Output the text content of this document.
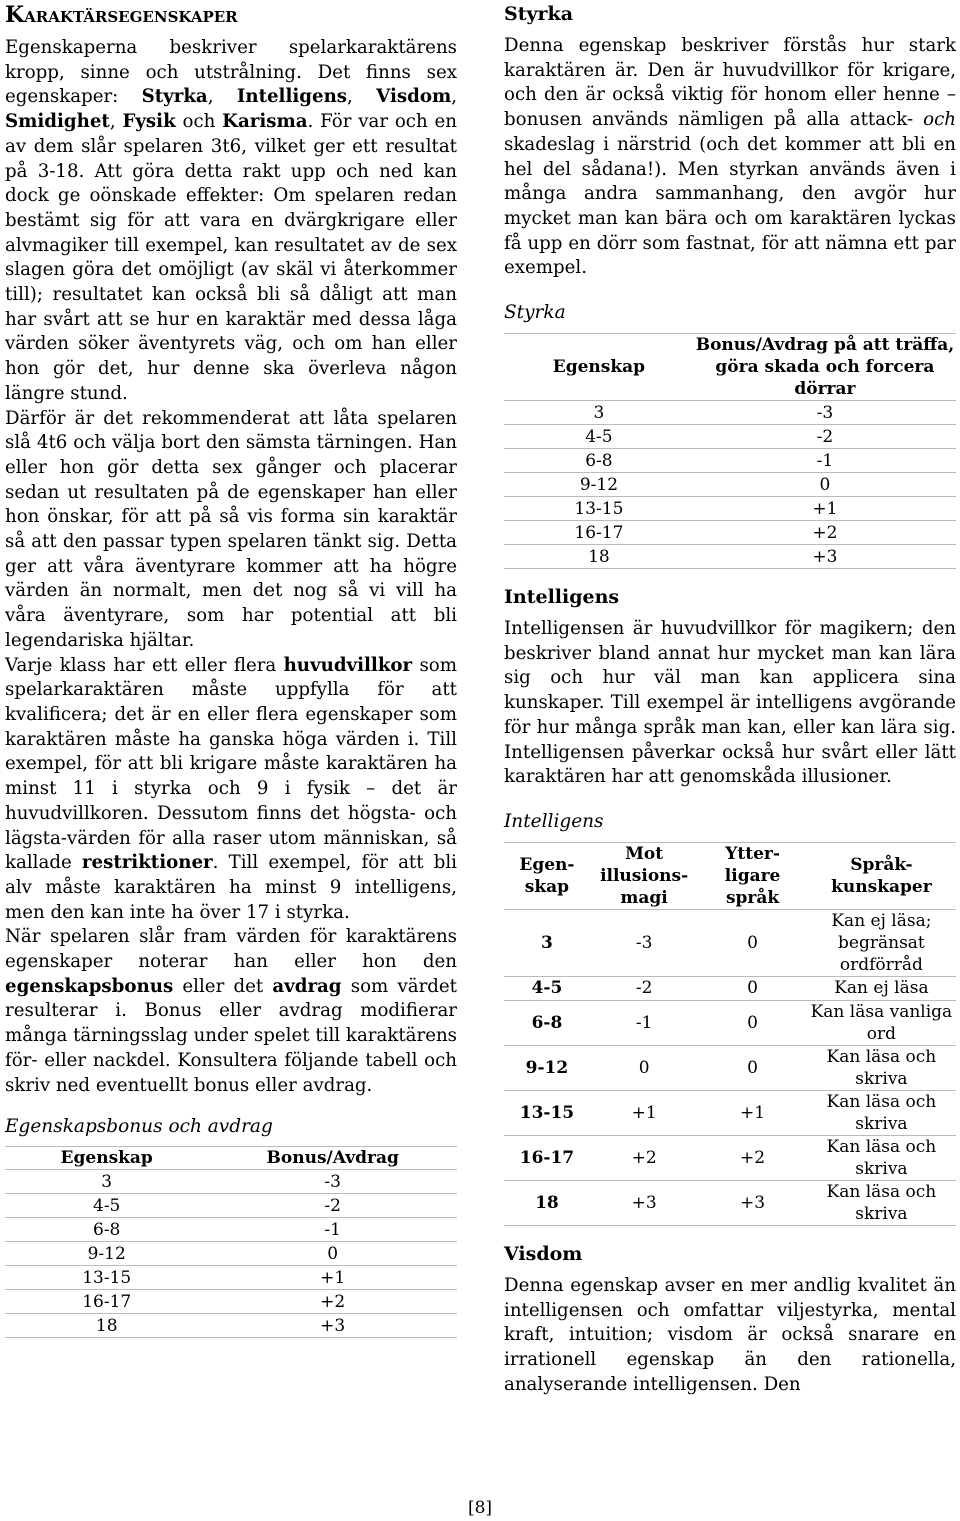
Karaktärsegenskaper

Egenskaperna beskriver spelarkaraktärens kropp, sinne och utstrålning. Det finns sex egenskaper: Styrka, Intelligens, Visdom, Smidighet, Fysik och Karisma. För var och en av dem slår spelaren 3t6, vilket ger ett resultat på 3-18. Att göra detta rakt upp och ned kan dock ge oönskade effekter: Om spelaren redan bestämt sig för att vara en dvärgkrigare eller alvmagiker till exempel, kan resultatet av de sex slagen göra det omöjligt (av skäl vi återkommer till); resultatet kan också bli så dåligt att man har svårt att se hur en karaktär med dessa låga värden söker äventyrets väg, och om han eller hon gör det, hur denne ska överleva någon längre stund.

Därför är det rekommenderat att låta spelaren slå 4t6 och välja bort den sämsta tärningen. Han eller hon gör detta sex gånger och placerar sedan ut resultaten på de egenskaper han eller hon önskar, för att på så vis forma sin karaktär så att den passar typen spelaren tänkt sig. Detta ger att våra äventyrare kommer att ha högre värden än normalt, men det nog så vi vill ha våra äventyrare, som har potential att bli legendariska hjältar.

Varje klass har ett eller flera huvudvillkor som spelarkaraktären måste uppfylla för att kvalificera; det är en eller flera egenskaper som karaktären måste ha ganska höga värden i. Till exempel, för att bli krigare måste karaktären ha minst 11 i styrka och 9 i fysik – det är huvudvillkoren. Dessutom finns det högsta- och lägsta-värden för alla raser utom människan, så kallade restriktioner. Till exempel, för att bli alv måste karaktären ha minst 9 intelligens, men den kan inte ha över 17 i styrka.

När spelaren slår fram värden för karaktärens egenskaper noterar han eller hon den egenskapsbonus eller det avdrag som värdet resulterar i. Bonus eller avdrag modifierar många tärningsslag under spelet till karaktärens för- eller nackdel. Konsultera följande tabell och skriv ned eventuellt bonus eller avdrag.

Egenskapsbonus och avdrag
Egenskap	Bonus/Avdrag
3	-3
4-5	-2
6-8	-1
9-12	0
13-15	+1
16-17	+2
18	+3
Styrka

Denna egenskap beskriver förstås hur stark karaktären är. Den är huvudvillkor för krigare, och den är också viktig för honom eller henne – bonusen används nämligen på alla attack- och skadeslag i närstrid (och det kommer att bli en hel del sådana!). Men styrkan används även i många andra sammanhang, den avgör hur mycket man kan bära och om karaktären lyckas få upp en dörr som fastnat, för att nämna ett par exempel.

Styrka
Egenskap	Bonus/Avdrag på att träffa, göra skada och forcera dörrar
3	-3
4-5	-2
6-8	-1
9-12	0
13-15	+1
16-17	+2
18	+3
Intelligens

Intelligensen är huvudvillkor för magikern; den beskriver bland annat hur mycket man kan lära sig och hur väl man kan applicera sina kunskaper. Till exempel är intelligens avgörande för hur många språk man kan, eller kan lära sig. Intelligensen påverkar också hur svårt eller lätt karaktären har att genomskåda illusioner.

Intelligens
Egen-skap	Mot illusions-magi	Ytter-ligare språk	Språk-kunskaper
3	-3	0	Kan ej läsa; begränsat ordförråd
4-5	-2	0	Kan ej läsa
6-8	-1	0	Kan läsa vanliga ord
9-12	0	0	Kan läsa och skriva
13-15	+1	+1	Kan läsa och skriva
16-17	+2	+2	Kan läsa och skriva
18	+3	+3	Kan läsa och skriva
Visdom

Denna egenskap avser en mer andlig kvalitet än intelligensen och omfattar viljestyrka, mental kraft, intuition; visdom är också snarare en irrationell egenskap än den rationella, analyserande intelligensen. Den

[8]
